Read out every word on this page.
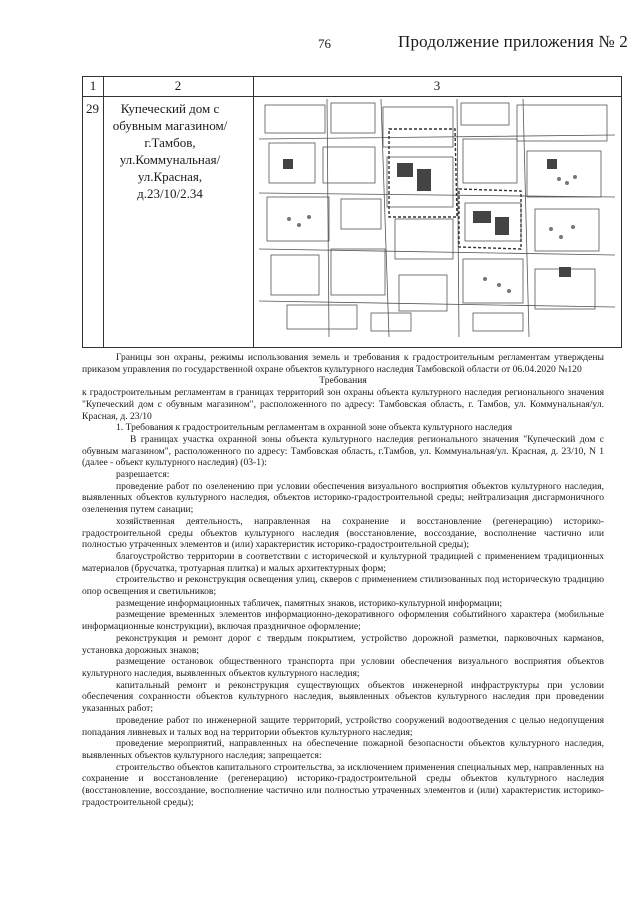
76	Продолжение приложения № 2
1	2	3
29	Купеческий дом с
обувным магазином/
г.Тамбов,
ул.Коммунальная/
ул.Красная,
д.23/10/2.34

Границы зон охраны, режимы использования земель и требования к градостроительным регламентам утверждены приказом управления по государственной охране объектов культурного наследия Тамбовской области от 06.04.2020 №120

Требования

к градостроительным регламентам в границах территорий зон охраны объекта культурного наследия регионального значения "Купеческий дом с обувным магазином", расположенного по адресу: Тамбовская область, г. Тамбов, ул. Коммунальная/ул. Красная, д. 23/10

1. Требования к градостроительным регламентам в охранной зоне объекта культурного наследия

В границах участка охранной зоны объекта культурного наследия регионального значения "Купеческий дом с обувным магазином", расположенного по адресу: Тамбовская область, г.Тамбов, ул. Коммунальная/ул. Красная, д. 23/10, N 1 (далее - объект культурного наследия) (03-1):

разрешается:

проведение работ по озеленению при условии обеспечения визуального восприятия объектов культурного наследия, выявленных объектов культурного наследия, объектов историко-градостроительной среды; нейтрализация дисгармоничного озеленения путем санации;

хозяйственная деятельность, направленная на сохранение и восстановление (регенерацию) историко-градостроительной среды объектов культурного наследия (восстановление, воссоздание, восполнение частично или полностью утраченных элементов и (или) характеристик историко-градостроительной среды);

благоустройство территории в соответствии с исторической и культурной традицией с применением традиционных материалов (брусчатка, тротуарная плитка) и малых архитектурных форм;

строительство и реконструкция освещения улиц, скверов с применением стилизованных под историческую традицию опор освещения и светильников;

размещение информационных табличек, памятных знаков, историко-культурной информации;

размещение временных элементов информационно-декоративного оформления событийного характера (мобильные информационные конструкции), включая праздничное оформление;

реконструкция и ремонт дорог с твердым покрытием, устройство дорожной разметки, парковочных карманов, установка дорожных знаков;

размещение остановок общественного транспорта при условии обеспечения визуального восприятия объектов культурного наследия, выявленных объектов культурного наследия;

капитальный ремонт и реконструкция существующих объектов инженерной инфраструктуры при условии обеспечения сохранности объектов культурного наследия, выявленных объектов культурного наследия при проведении указанных работ;

проведение работ по инженерной защите территорий, устройство сооружений водоотведения с целью недопущения попадания ливневых и талых вод на территории объектов культурного наследия;

проведение мероприятий, направленных на обеспечение пожарной безопасности объектов культурного наследия, выявленных объектов культурного наследия; запрещается:

строительство объектов капитального строительства, за исключением применения специальных мер, направленных на сохранение и восстановление (регенерацию) историко-градостроительной среды объектов культурного наследия (восстановление, воссоздание, восполнение частично или полностью утраченных элементов и (или) характеристик историко-градостроительной среды);
